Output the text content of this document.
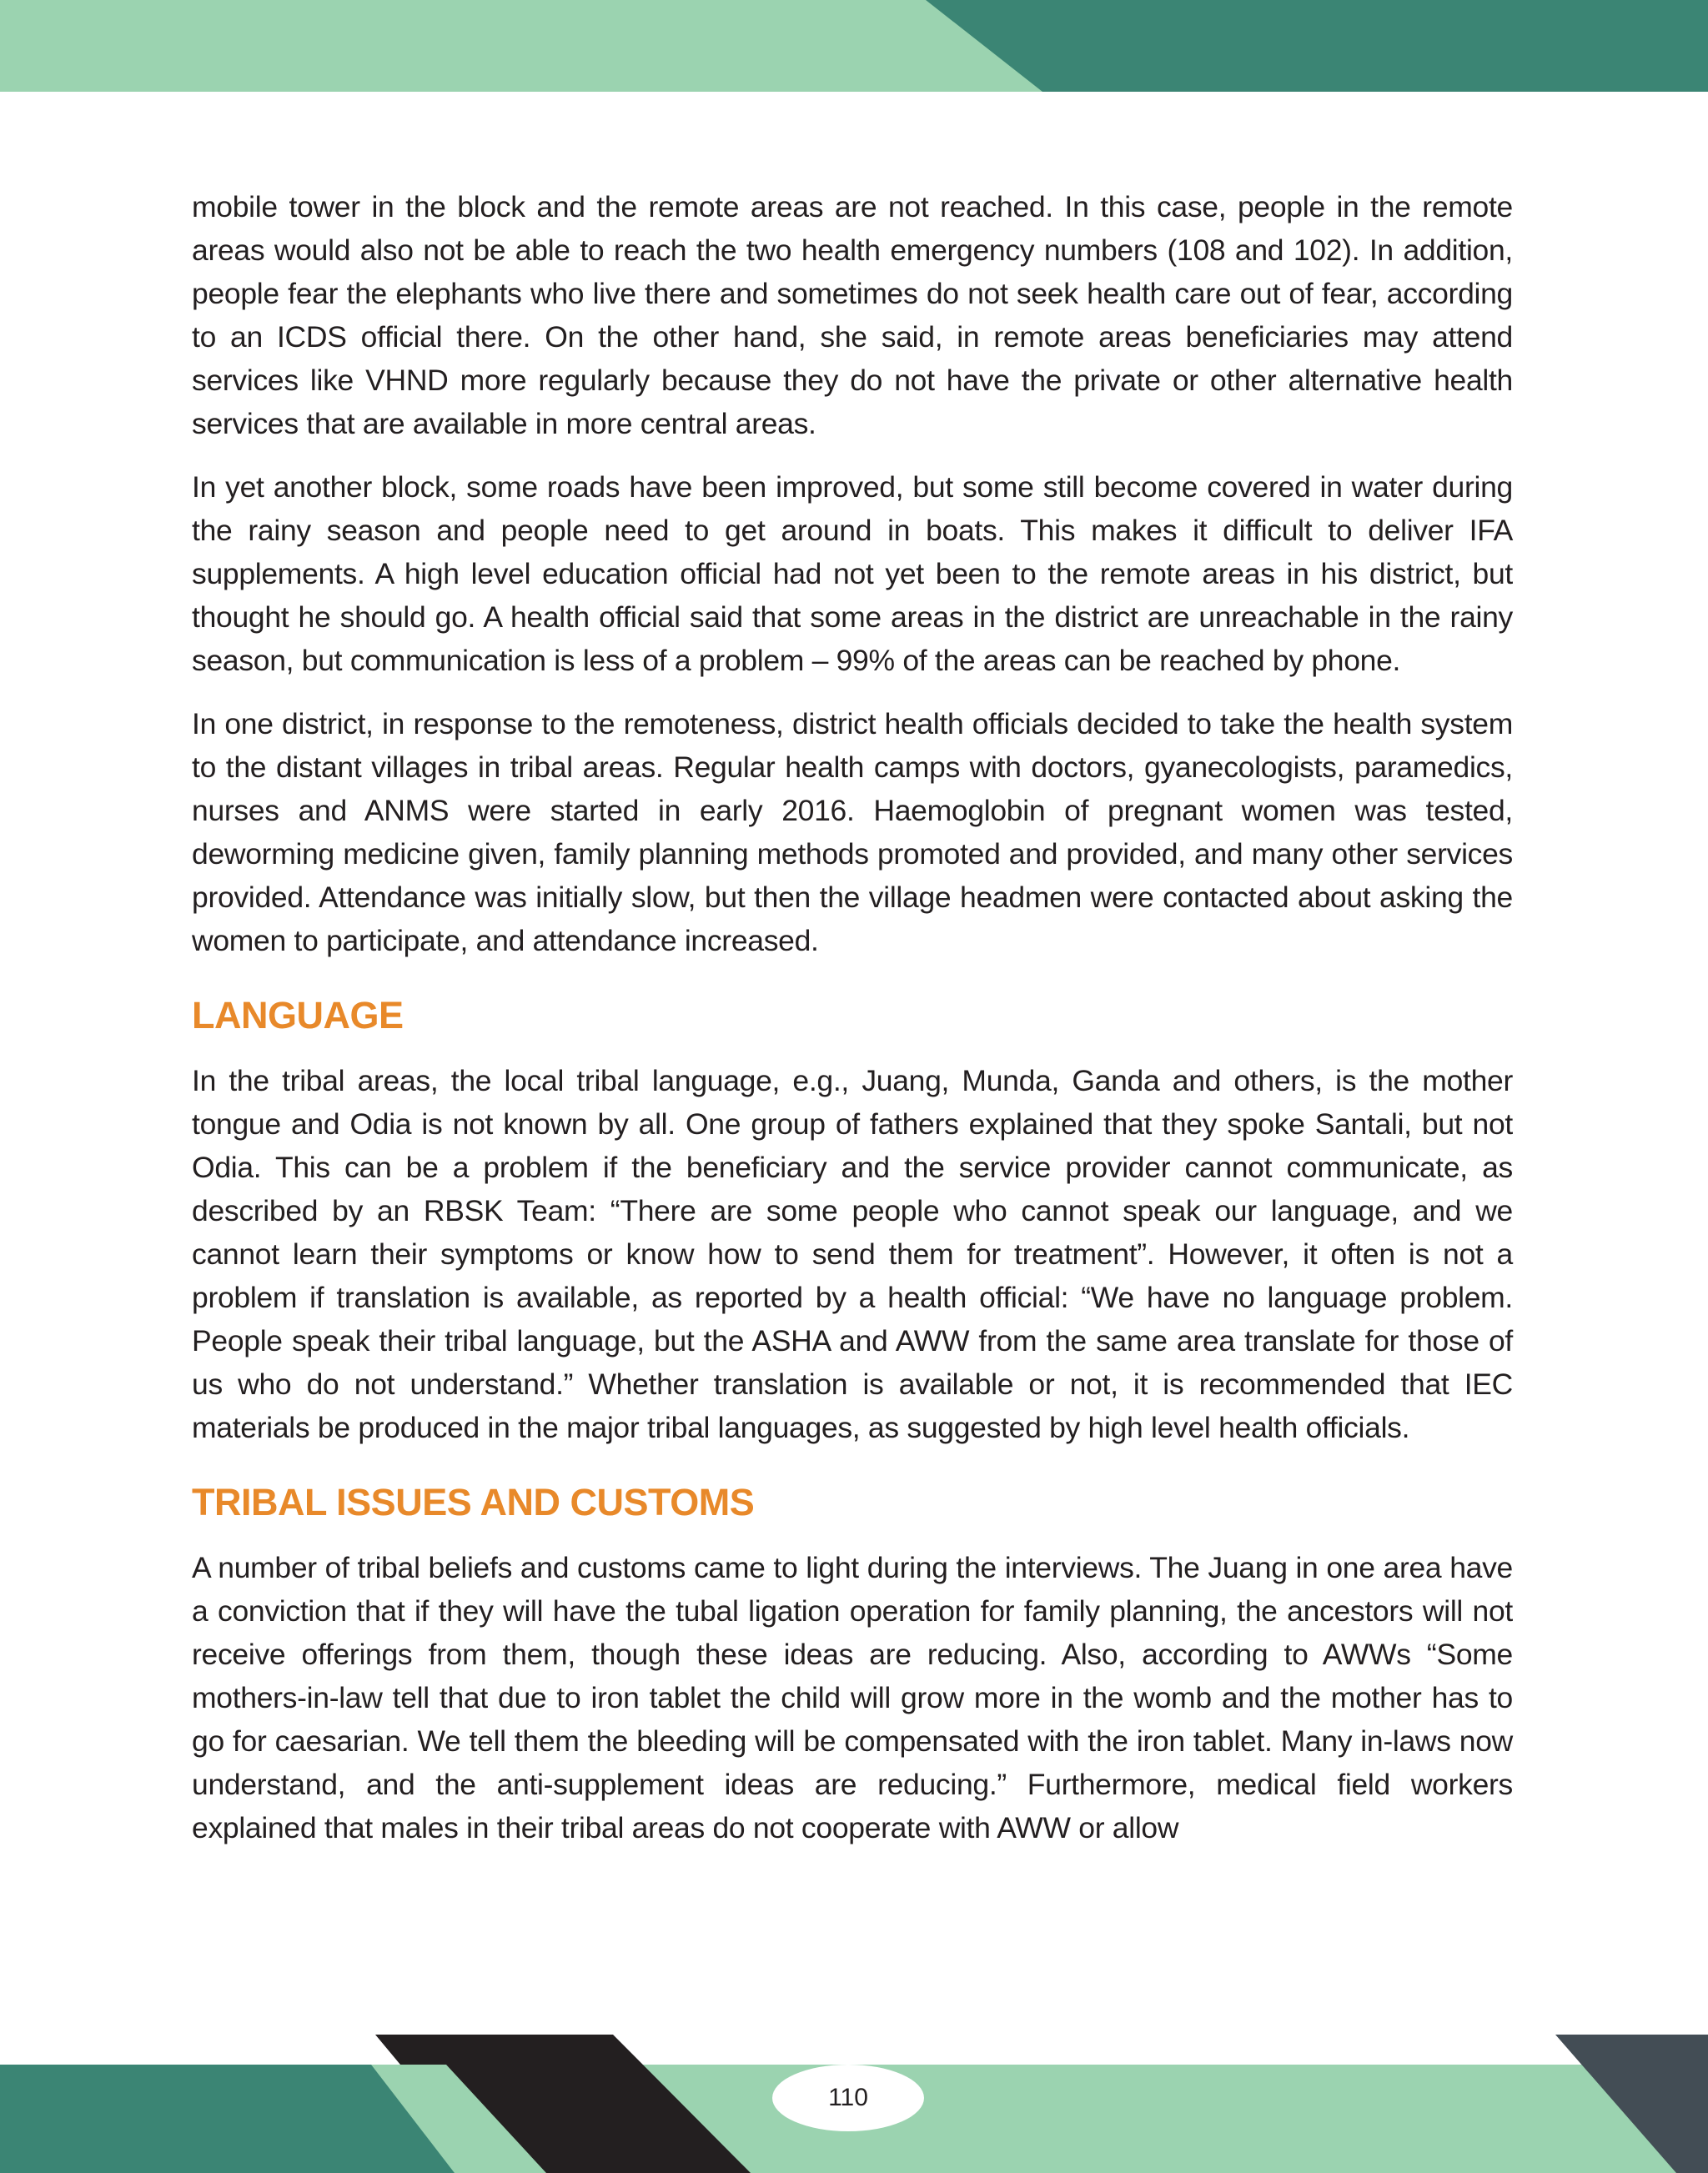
mobile tower in the block and the remote areas are not reached. In this case, people in the remote areas would also not be able to reach the two health emergency numbers (108 and 102). In addition, people fear the elephants who live there and sometimes do not seek health care out of fear, according to an ICDS official there. On the other hand, she said, in remote areas beneficiaries may attend services like VHND more regularly because they do not have the private or other alternative health services that are available in more central areas.

In yet another block, some roads have been improved, but some still become covered in water during the rainy season and people need to get around in boats. This makes it difficult to deliver IFA supplements. A high level education official had not yet been to the remote areas in his district, but thought he should go. A health official said that some areas in the district are unreachable in the rainy season, but communication is less of a problem – 99% of the areas can be reached by phone.

In one district, in response to the remoteness, district health officials decided to take the health system to the distant villages in tribal areas. Regular health camps with doctors, gyanecologists, paramedics, nurses and ANMS were started in early 2016. Haemoglobin of pregnant women was tested, deworming medicine given, family planning methods promoted and provided, and many other services provided. Attendance was initially slow, but then the village headmen were contacted about asking the women to participate, and attendance increased.

LANGUAGE

In the tribal areas, the local tribal language, e.g., Juang, Munda, Ganda and others, is the mother tongue and Odia is not known by all. One group of fathers explained that they spoke Santali, but not Odia. This can be a problem if the beneficiary and the service provider cannot communicate, as described by an RBSK Team: “There are some people who cannot speak our language, and we cannot learn their symptoms or know how to send them for treatment”. However, it often is not a problem if translation is available, as reported by a health official: “We have no language problem. People speak their tribal language, but the ASHA and AWW from the same area translate for those of us who do not understand.” Whether translation is available or not, it is recommended that IEC materials be produced in the major tribal languages, as suggested by high level health officials.

TRIBAL ISSUES AND CUSTOMS

A number of tribal beliefs and customs came to light during the interviews. The Juang in one area have a conviction that if they will have the tubal ligation operation for family planning, the ancestors will not receive offerings from them, though these ideas are reducing. Also, according to AWWs “Some mothers-in-law tell that due to iron tablet the child will grow more in the womb and the mother has to go for caesarian. We tell them the bleeding will be compensated with the iron tablet. Many in-laws now understand, and the anti-supplement ideas are reducing.” Furthermore, medical field workers explained that males in their tribal areas do not cooperate with AWW or allow

110
